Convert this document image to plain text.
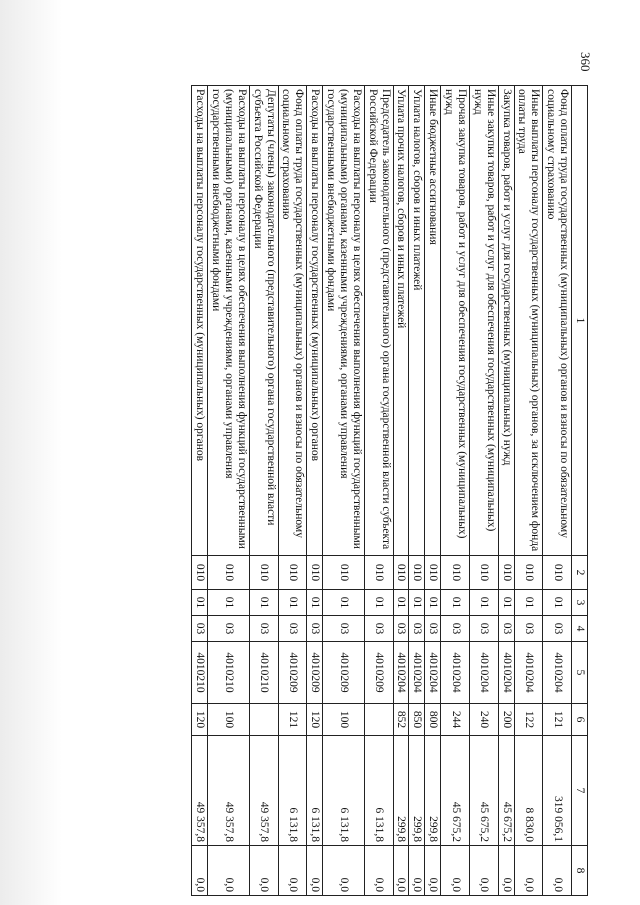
360
1	2	3	4	5	6	7	8
Фонд оплаты труда государственных (муниципальных) органов и взносы по обязательному социальному страхованию	010	01	03	4010204	121	319 056,1	0,0
Иные выплаты персоналу государственных (муниципальных) органов, за исключением фонда оплаты труда	010	01	03	4010204	122	8 830,0	0,0
Закупка товаров, работ и услуг для государственных (муниципальных) нужд	010	01	03	4010204	200	45 675,2	0,0
Иные закупки товаров, работ и услуг для обеспечения государственных (муниципальных) нужд	010	01	03	4010204	240	45 675,2	0,0
Прочая закупка товаров, работ и услуг для обеспечения государственных (муниципальных) нужд	010	01	03	4010204	244	45 675,2	0,0
Иные бюджетные ассигнования	010	01	03	4010204	800	299,8	0,0
Уплата налогов, сборов и иных платежей	010	01	03	4010204	850	299,8	0,0
Уплата прочих налогов, сборов и иных платежей	010	01	03	4010204	852	299,8	0,0
Председатель законодательного (представительного) органа государственной власти субъекта Российской Федерации	010	01	03	4010209		6 131,8	0,0
Расходы на выплаты персоналу в целях обеспечения выполнения функций государственными (муниципальными) органами, казенными учреждениями, органами управления государственными внебюджетными фондами	010	01	03	4010209	100	6 131,8	0,0
Расходы на выплаты персоналу государственных (муниципальных) органов	010	01	03	4010209	120	6 131,8	0,0
Фонд оплаты труда государственных (муниципальных) органов и взносы по обязательному социальному страхованию	010	01	03	4010209	121	6 131,8	0,0
Депутаты (члены) законодательного (представительного) органа государственной власти субъекта Российской Федерации	010	01	03	4010210		49 357,8	0,0
Расходы на выплаты персоналу в целях обеспечения выполнения функций государственными (муниципальными) органами, казенными учреждениями, органами управления государственными внебюджетными фондами	010	01	03	4010210	100	49 357,8	0,0
Расходы на выплаты персоналу государственных (муниципальных) органов	010	01	03	4010210	120	49 357,8	0,0
